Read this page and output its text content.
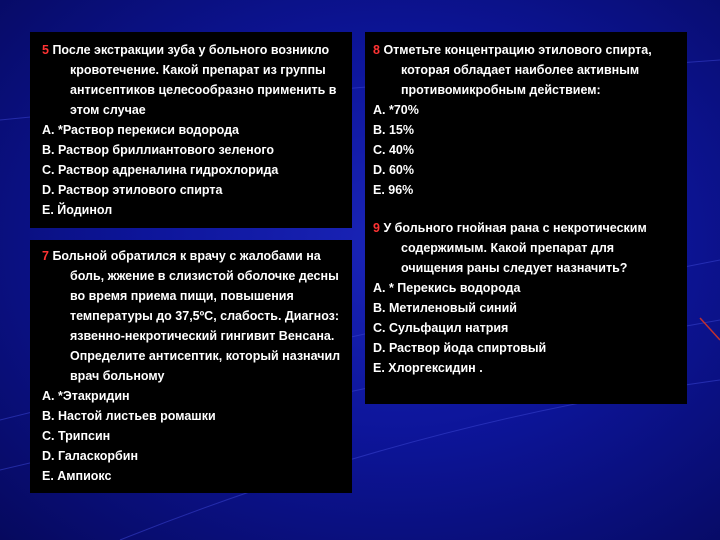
5 После экстракции зуба у больного возникло кровотечение. Какой препарат из группы антисептиков целесообразно применить в этом случае
A. *Раствор перекиси водорода
B. Раствор бриллиантового зеленого
C. Раствор адреналина гидрохлорида
D. Раствор этилового спирта
E. Йодинол
7 Больной обратился к врачу с жалобами на боль, жжение в слизистой оболочке десны во время приема пищи, повышения температуры до 37,5ºС, слабость. Диагноз: язвенно-некротический гингивит Венсана. Определите антисептик, который назначил врач больному
A. *Этакридин
B. Настой листьев ромашки
C. Трипсин
D. Галаскорбин
E. Ампиокс
8 Отметьте концентрацию этилового спирта, которая обладает наиболее активным противомикробным действием:
A. *70%
B. 15%
C. 40%
D. 60%
E. 96%
9 У больного гнойная рана с некротическим содержимым. Какой препарат для очищения раны следует назначить?
A. * Перекись водорода
B. Метиленовый синий
C. Сульфацил натрия
D. Раствор йода спиртовый
E. Хлоргексидин .
